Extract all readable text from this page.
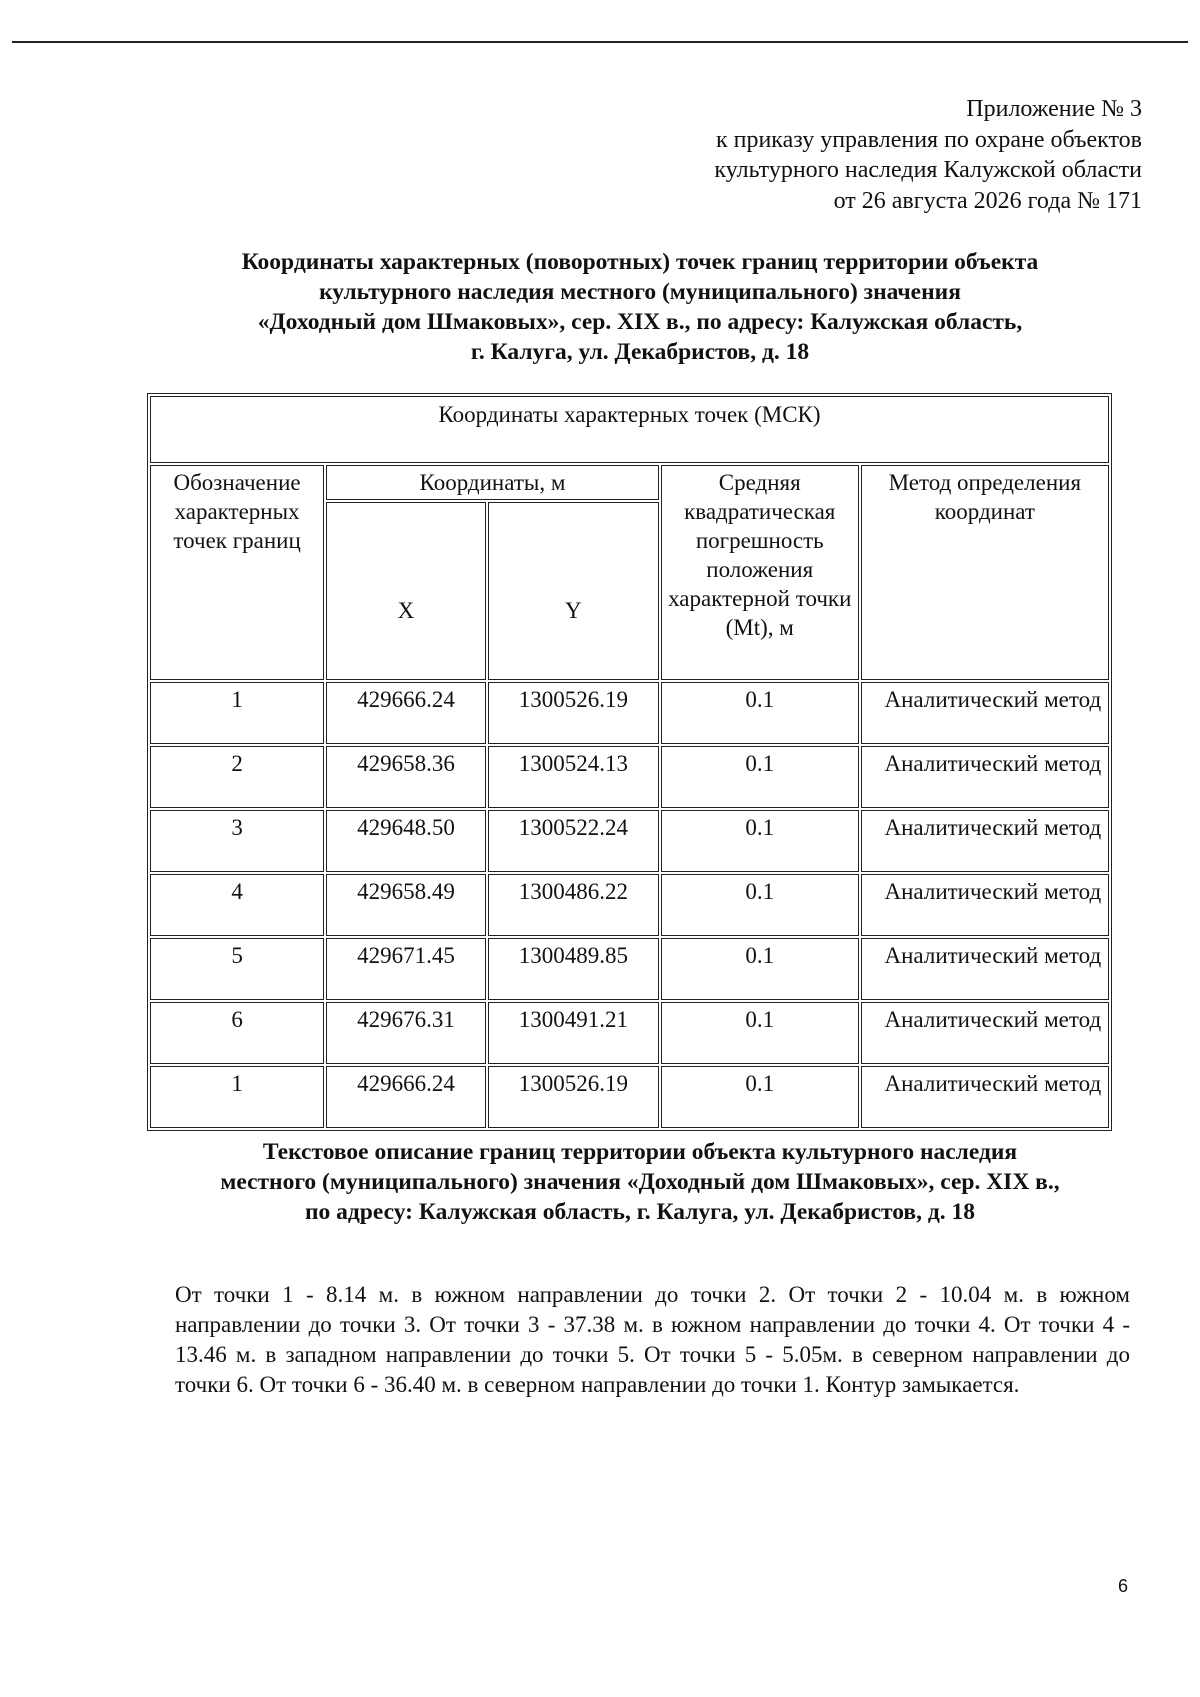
Приложение № 3
к приказу управления по охране объектов
культурного наследия Калужской области
от 26 августа 2026 года № 171
Координаты характерных (поворотных) точек границ территории объекта
культурного наследия местного (муниципального) значения
«Доходный дом Шмаковых», сер. XIX в., по адресу: Калужская область,
г. Калуга, ул. Декабристов, д. 18
Координаты характерных точек (МСК)				
Обозначение характерных точек границ	Координаты, м		Средняя квадратическая погрешность положения характерной точки (Mt), м	Метод определения координат
	X	Y		
1	429666.24	1300526.19	0.1	Аналитический метод
2	429658.36	1300524.13	0.1	Аналитический метод
3	429648.50	1300522.24	0.1	Аналитический метод
4	429658.49	1300486.22	0.1	Аналитический метод
5	429671.45	1300489.85	0.1	Аналитический метод
6	429676.31	1300491.21	0.1	Аналитический метод
1	429666.24	1300526.19	0.1	Аналитический метод
Текстовое описание границ территории объекта культурного наследия
местного (муниципального) значения «Доходный дом Шмаковых», сер. XIX в.,
по адресу: Калужская область, г. Калуга, ул. Декабристов, д. 18

От точки 1 - 8.14 м. в южном направлении до точки 2. От точки 2 - 10.04 м. в южном направлении до точки 3. От точки 3 - 37.38 м. в южном направлении до точки 4. От точки 4 - 13.46 м. в западном направлении до точки 5. От точки 5 - 5.05м. в северном направлении до точки 6. От точки 6 - 36.40 м. в северном направлении до точки 1. Контур замыкается.

6
